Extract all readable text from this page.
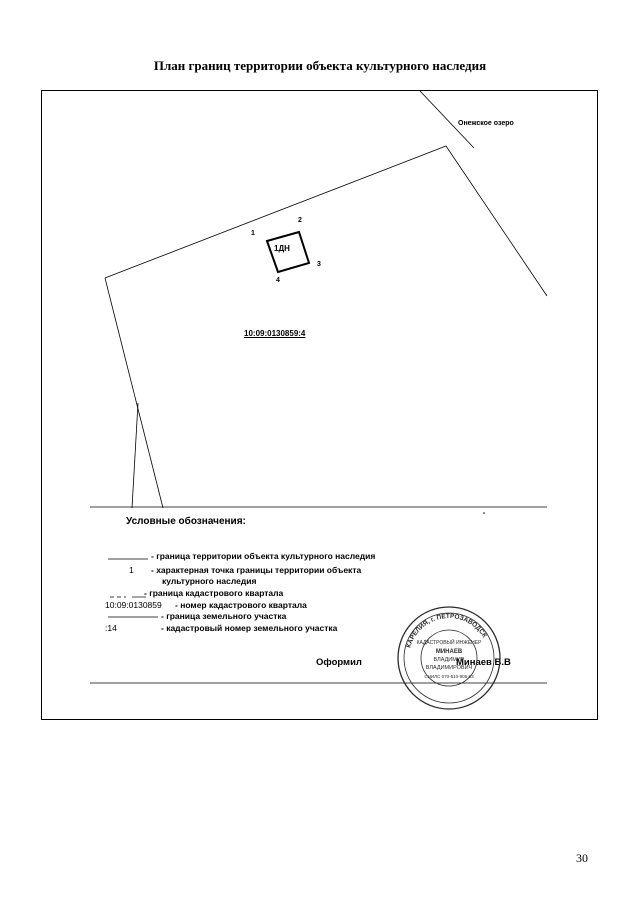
План границ территории объекта культурного наследия
Онежское озеро
1ДН
1
2
3
4
10:09:0130859:4
Условные обозначения:
- граница территории объекта культурного наследия
1 - характерная точка границы территории объекта
культурного наследия
- граница кадастрового квартала
10:09:0130859 - номер кадастрового квартала
- граница земельного участка
:14	- кадастровый номер земельного участка
Оформил	Минаев В.В
КАРЕЛИЯ, г. ПЕТРОЗАВОДСК
КАДАСТРОВЫЙ ИНЖЕНЕР
МИНАЕВ
ВЛАДИМИР
ВЛАДИМИРОВИЧ
СНИЛС 070-510-905-83
30
